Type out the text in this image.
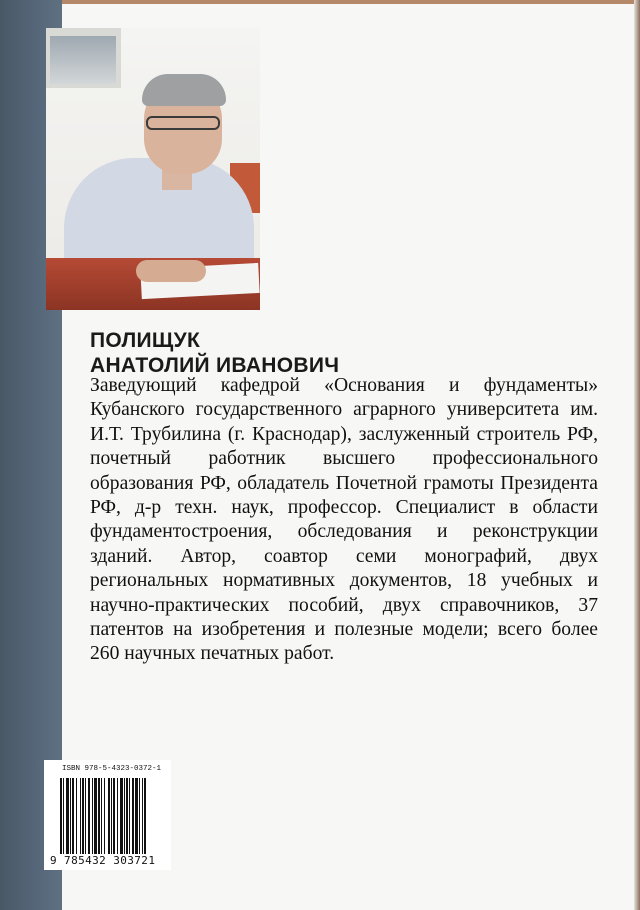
ПОЛИЩУК
АНАТОЛИЙ ИВАНОВИЧ

Заведующий кафедрой «Основания и фундаменты» Кубанского государственного аграрного университета им. И.Т. Трубилина (г. Краснодар), заслуженный строитель РФ, почетный работник высшего профессионального образования РФ, обладатель Почетной грамоты Президента РФ, д-р техн. наук, профессор. Специалист в области фундаментостроения, обследования и реконструкции зданий. Автор, соавтор семи монографий, двух региональных нормативных документов, 18 учебных и научно-практических пособий, двух справочников, 37 патентов на изобретения и полезные модели; всего более 260 научных печатных работ.

ISBN 978-5-4323-0372-1
9 785432 303721
